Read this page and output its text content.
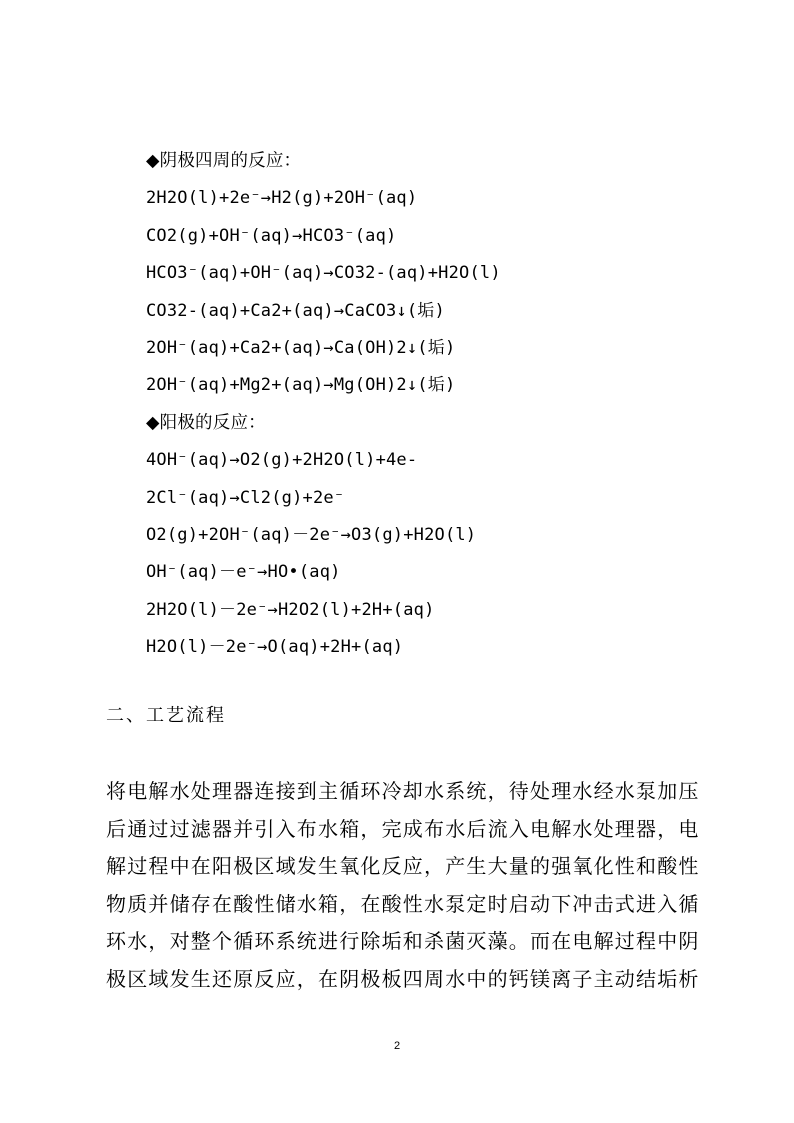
◆阴极四周的反应：
2H2O(l)+2e⁻→H2(g)+2OH⁻(aq)
CO2(g)+OH⁻(aq)→HCO3⁻(aq)
HCO3⁻(aq)+OH⁻(aq)→CO32-(aq)+H2O(l)
CO32-(aq)+Ca2+(aq)→CaCO3↓(垢)
2OH⁻(aq)+Ca2+(aq)→Ca(OH)2↓(垢)
2OH⁻(aq)+Mg2+(aq)→Mg(OH)2↓(垢)
◆阳极的反应：
4OH⁻(aq)→O2(g)+2H2O(l)+4e-
2Cl⁻(aq)→Cl2(g)+2e⁻
O2(g)+2OH⁻(aq)－2e⁻→O3(g)+H2O(l)
OH⁻(aq)－e⁻→HO•(aq)
2H2O(l)－2e⁻→H2O2(l)+2H+(aq)
H2O(l)－2e⁻→O(aq)+2H+(aq)
二、工艺流程
将电解水处理器连接到主循环冷却水系统，待处理水经水泵加压
后通过过滤器并引入布水箱，完成布水后流入电解水处理器，电
解过程中在阳极区域发生氧化反应，产生大量的强氧化性和酸性
物质并储存在酸性储水箱，在酸性水泵定时启动下冲击式进入循
环水，对整个循环系统进行除垢和杀菌灭藻。而在电解过程中阴
极区域发生还原反应，在阴极板四周水中的钙镁离子主动结垢析
2
